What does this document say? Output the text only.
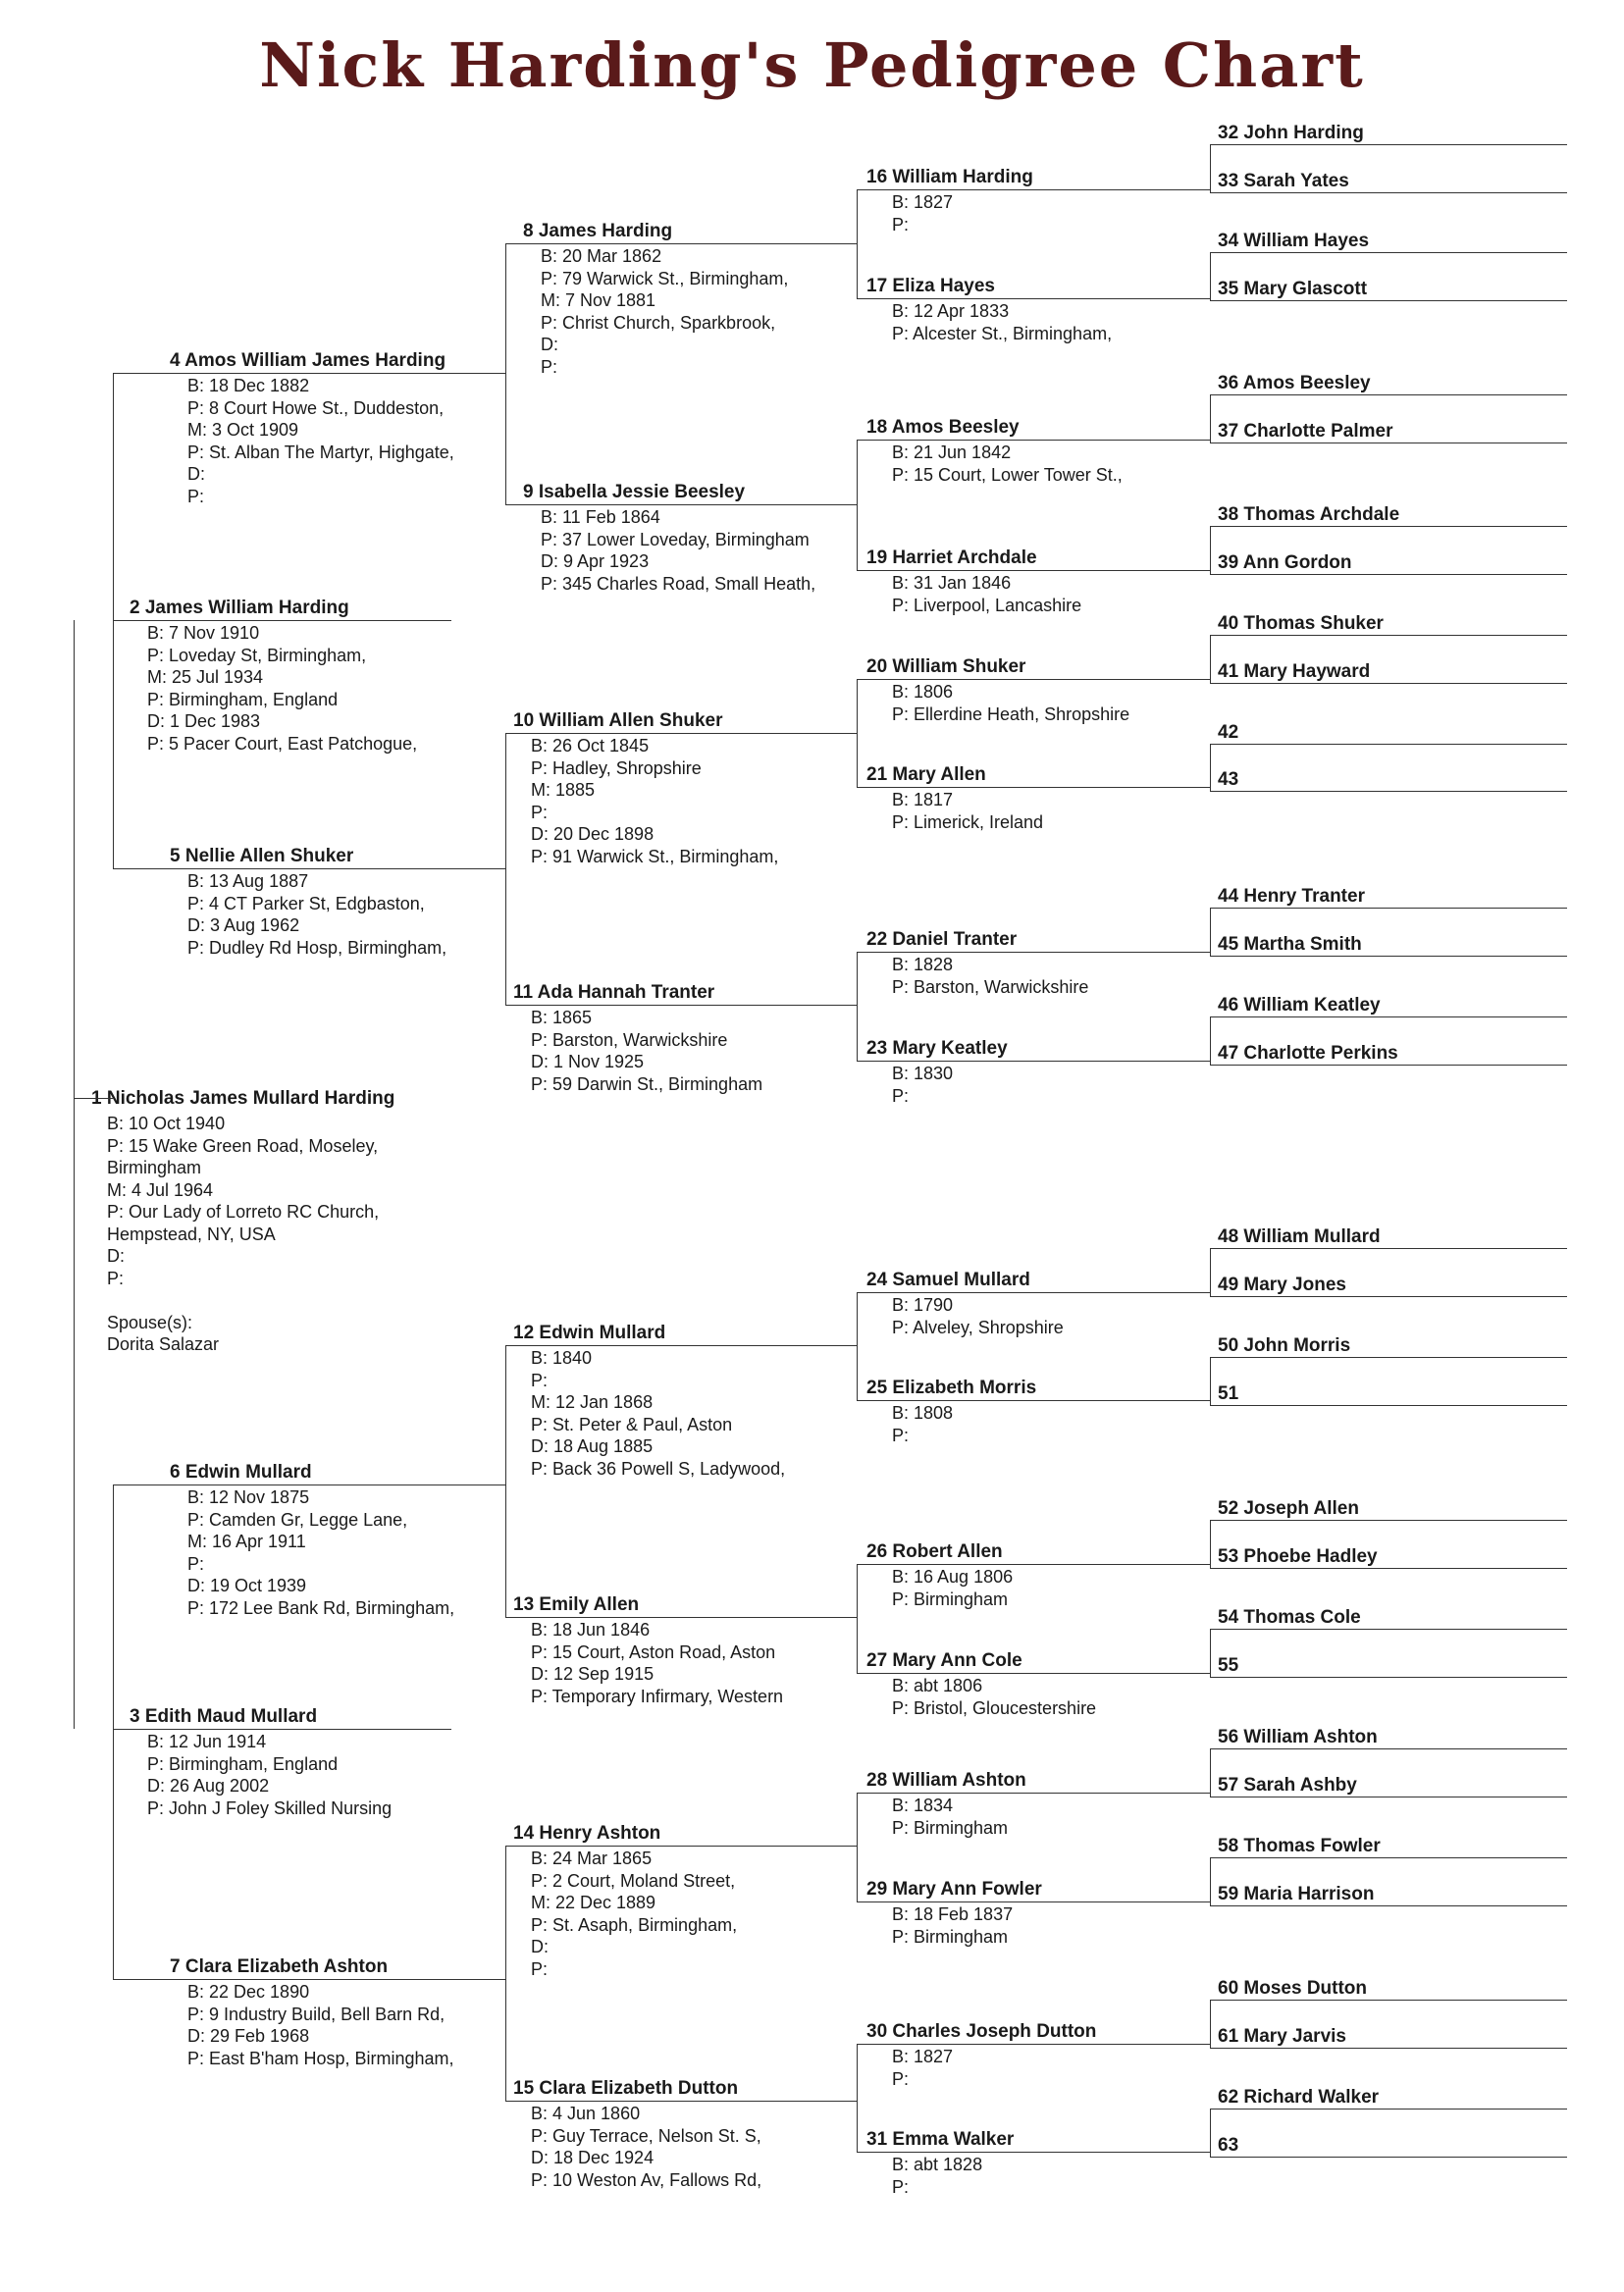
Nick Harding's Pedigree Chart
1 Nicholas James Mullard Harding
B: 10 Oct 1940
P: 15 Wake Green Road, Moseley,
Birmingham
M: 4 Jul 1964
P: Our Lady of Lorreto RC Church,
Hempstead, NY, USA
D:
P:
Spouse(s):
Dorita Salazar
2 James William Harding
B: 7 Nov 1910
P: Loveday St, Birmingham,
M: 25 Jul 1934
P: Birmingham, England
D: 1 Dec 1983
P: 5 Pacer Court, East Patchogue,
3 Edith Maud Mullard
B: 12 Jun 1914
P: Birmingham, England
D: 26 Aug 2002
P: John J Foley Skilled Nursing
4 Amos William James Harding
B: 18 Dec 1882
P: 8 Court Howe St., Duddeston,
M: 3 Oct 1909
P: St. Alban The Martyr, Highgate,
D:
P:
5 Nellie Allen Shuker
B: 13 Aug 1887
P: 4 CT Parker St, Edgbaston,
D: 3 Aug 1962
P: Dudley Rd Hosp, Birmingham,
6 Edwin Mullard
B: 12 Nov 1875
P: Camden Gr, Legge Lane,
M: 16 Apr 1911
P:
D: 19 Oct 1939
P: 172 Lee Bank Rd, Birmingham,
7 Clara Elizabeth Ashton
B: 22 Dec 1890
P: 9 Industry Build, Bell Barn Rd,
D: 29 Feb 1968
P: East B'ham Hosp, Birmingham,
8 James Harding
B: 20 Mar 1862
P: 79 Warwick St., Birmingham,
M: 7 Nov 1881
P: Christ Church, Sparkbrook,
D:
P:
9 Isabella Jessie Beesley
B: 11 Feb 1864
P: 37 Lower Loveday, Birmingham
D: 9 Apr 1923
P: 345 Charles Road, Small Heath,
10 William Allen Shuker
B: 26 Oct 1845
P: Hadley, Shropshire
M: 1885
P:
D: 20 Dec 1898
P: 91 Warwick St., Birmingham,
11 Ada Hannah Tranter
B: 1865
P: Barston, Warwickshire
D: 1 Nov 1925
P: 59 Darwin St., Birmingham
12 Edwin Mullard
B: 1840
P:
M: 12 Jan 1868
P: St. Peter & Paul, Aston
D: 18 Aug 1885
P: Back 36 Powell S, Ladywood,
13 Emily Allen
B: 18 Jun 1846
P: 15 Court, Aston Road, Aston
D: 12 Sep 1915
P: Temporary Infirmary, Western
14 Henry Ashton
B: 24 Mar 1865
P: 2 Court, Moland Street,
M: 22 Dec 1889
P: St. Asaph, Birmingham,
D:
P:
15 Clara Elizabeth Dutton
B: 4 Jun 1860
P: Guy Terrace, Nelson St. S,
D: 18 Dec 1924
P: 10 Weston Av, Fallows Rd,
16 William Harding
B: 1827
P:
17 Eliza Hayes
B: 12 Apr 1833
P: Alcester St., Birmingham,
18 Amos Beesley
B: 21 Jun 1842
P: 15 Court, Lower Tower St.,
19 Harriet Archdale
B: 31 Jan 1846
P: Liverpool, Lancashire
20 William Shuker
B: 1806
P: Ellerdine Heath, Shropshire
21 Mary Allen
B: 1817
P: Limerick, Ireland
22 Daniel Tranter
B: 1828
P: Barston, Warwickshire
23 Mary Keatley
B: 1830
P:
24 Samuel Mullard
B: 1790
P: Alveley, Shropshire
25 Elizabeth Morris
B: 1808
P:
26 Robert Allen
B: 16 Aug 1806
P: Birmingham
27 Mary Ann Cole
B: abt 1806
P: Bristol, Gloucestershire
28 William Ashton
B: 1834
P: Birmingham
29 Mary Ann Fowler
B: 18 Feb 1837
P: Birmingham
30 Charles Joseph Dutton
B: 1827
P:
31 Emma Walker
B: abt 1828
P:
32 John Harding
33 Sarah Yates
34 William Hayes
35 Mary Glascott
36 Amos Beesley
37 Charlotte Palmer
38 Thomas Archdale
39 Ann Gordon
40 Thomas Shuker
41 Mary Hayward
42
43
44 Henry Tranter
45 Martha Smith
46 William Keatley
47 Charlotte Perkins
48 William Mullard
49 Mary Jones
50 John Morris
51
52 Joseph Allen
53 Phoebe Hadley
54 Thomas Cole
55
56 William Ashton
57 Sarah Ashby
58 Thomas Fowler
59 Maria Harrison
60 Moses Dutton
61 Mary Jarvis
62 Richard Walker
63
